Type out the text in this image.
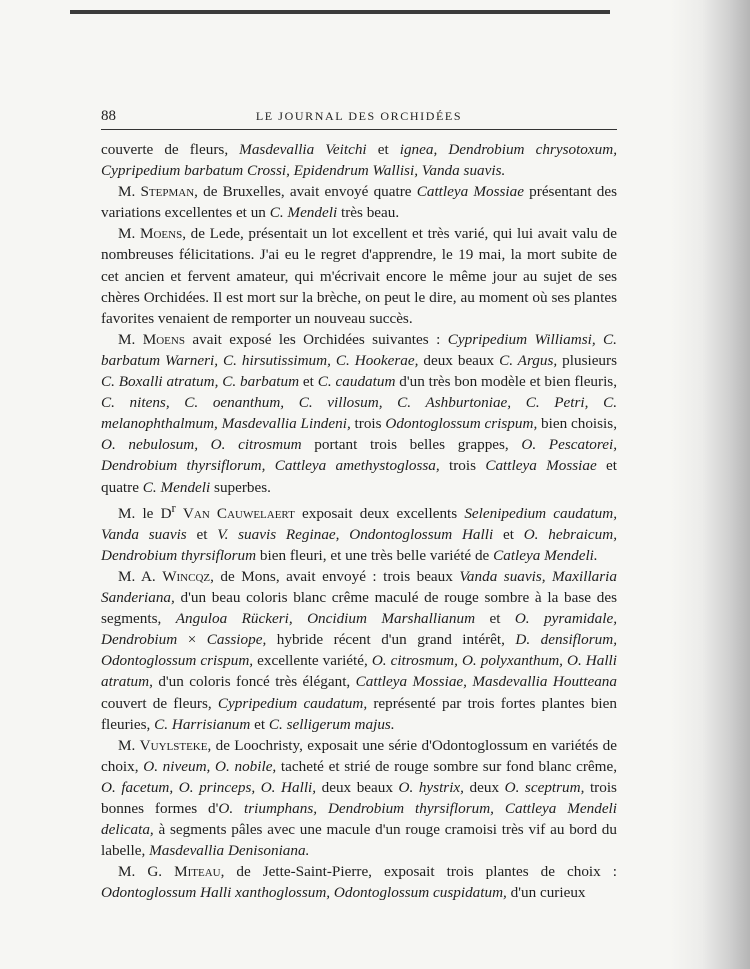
88	LE JOURNAL DES ORCHIDÉES

couverte de fleurs, Masdevallia Veitchi et ignea, Dendrobium chrysotoxum, Cypripedium barbatum Crossi, Epidendrum Wallisi, Vanda suavis.

M. Stepman, de Bruxelles, avait envoyé quatre Cattleya Mossiae présentant des variations excellentes et un C. Mendeli très beau.

M. Moens, de Lede, présentait un lot excellent et très varié, qui lui avait valu de nombreuses félicitations. J'ai eu le regret d'apprendre, le 19 mai, la mort subite de cet ancien et fervent amateur, qui m'écrivait encore le même jour au sujet de ses chères Orchidées. Il est mort sur la brèche, on peut le dire, au moment où ses plantes favorites venaient de remporter un nouveau succès.

M. Moens avait exposé les Orchidées suivantes : Cypripedium Williamsi, C. barbatum Warneri, C. hirsutissimum, C. Hookerae, deux beaux C. Argus, plusieurs C. Boxalli atratum, C. barbatum et C. caudatum d'un très bon modèle et bien fleuris, C. nitens, C. oenanthum, C. villosum, C. Ashburtoniae, C. Petri, C. melanophthalmum, Masdevallia Lindeni, trois Odontoglossum crispum, bien choisis, O. nebulosum, O. citrosmum portant trois belles grappes, O. Pescatorei, Dendrobium thyrsiflorum, Cattleya amethystoglossa, trois Cattleya Mossiae et quatre C. Mendeli superbes.

M. le $D^r$ Van Cauwelaert exposait deux excellents Selenipedium caudatum, Vanda suavis et V. suavis Reginae, Ondontoglossum Halli et O. hebraicum, Dendrobium thyrsiflorum bien fleuri, et une très belle variété de Catleya Mendeli.

M. A. Wincqz, de Mons, avait envoyé : trois beaux Vanda suavis, Maxillaria Sanderiana, d'un beau coloris blanc crême maculé de rouge sombre à la base des segments, Anguloa Rückeri, Oncidium Marshallianum et O. pyramidale, Dendrobium × Cassiope, hybride récent d'un grand intérêt, D. densiflorum, Odontoglossum crispum, excellente variété, O. citrosmum, O. polyxanthum, O. Halli atratum, d'un coloris foncé très élégant, Cattleya Mossiae, Masdevallia Houtteana couvert de fleurs, Cypripedium caudatum, représenté par trois fortes plantes bien fleuries, C. Harrisianum et C. selligerum majus.

M. Vuylsteke, de Loochristy, exposait une série d'Odontoglossum en variétés de choix, O. niveum, O. nobile, tacheté et strié de rouge sombre sur fond blanc crême, O. facetum, O. princeps, O. Halli, deux beaux O. hystrix, deux O. sceptrum, trois bonnes formes d'O. triumphans, Dendrobium thyrsiflorum, Cattleya Mendeli delicata, à segments pâles avec une macule d'un rouge cramoisi très vif au bord du labelle, Masdevallia Denisoniana.

M. G. Miteau, de Jette-Saint-Pierre, exposait trois plantes de choix : Odontoglossum Halli xanthoglossum, Odontoglossum cuspidatum, d'un curieux
